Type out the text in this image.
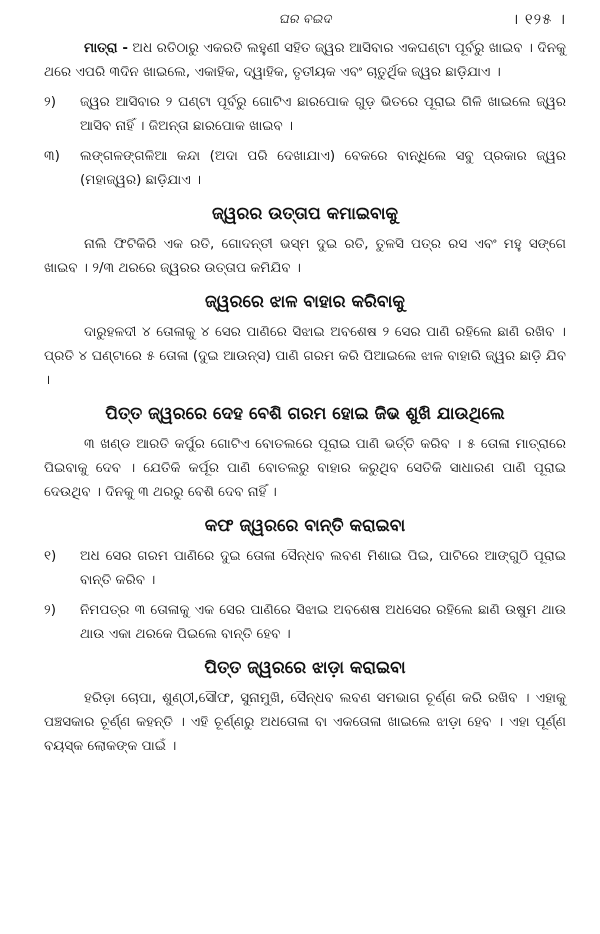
ଘର ବଇଦ	। ୧୨୫ ।

ମାତ୍ରା - ଅଧ ରତିଠାରୁ ଏକରତି ଲହୁଣୀ ସହିତ ଜ୍ୱର ଆସିବାର ଏକଘଣ୍ଟା ପୂର୍ବରୁ ଖାଇବ । ଦିନକୁ ଥରେ ଏପରି ୩ଦିନ ଖାଇଲେ, ଏକାହିକ, ଦ୍ୱାହିକ, ତୃତୀୟକ ଏବଂ ଚାତୁର୍ଥିକ ଜ୍ୱର ଛାଡ଼ିଯାଏ ।

୨)	ଜ୍ୱର ଆସିବାର ୨ ଘଣ୍ଟା ପୂର୍ବରୁ ଗୋଟିଏ ଛାରପୋକ ଗୁଡ଼ ଭିତରେ ପୂରାଇ ଗିଳି ଖାଇଲେ ଜ୍ୱର ଆସିବ ନାହିଁ । ଜିଅନ୍ତା ଛାରପୋକ ଖାଇବ ।
୩)	ଲଙ୍ଗଳଙ୍ଗଳିଆ କନ୍ଦା (ଅଦା ପରି ଦେଖାଯାଏ) ବେକରେ ବାନ୍ଧିଲେ ସବୁ ପ୍ରକାର ଜ୍ୱର (ମହାଜ୍ୱର) ଛାଡ଼ିଯାଏ ।
ଜ୍ୱରର ଉତ୍ତାପ କମାଇବାକୁ

ନାଲି ଫିଟିକିରି ଏକ ରତି, ଗୋଦନ୍ତୀ ଭସ୍ମ ଦୁଇ ରତି, ତୁଳସି ପତ୍ର ରସ ଏବଂ ମହୁ ସଙ୍ଗେ ଖାଇବ । ୨/୩ ଥରରେ ଜ୍ୱରର ଉତ୍ତାପ କମିଯିବ ।

ଜ୍ୱରରେ ଝାଳ ବାହାର କରିବାକୁ

ଦାରୁହଳଦୀ ୪ ତୋଳାକୁ ୪ ସେର ପାଣିରେ ସିଝାଇ ଅବଶେଷ ୨ ସେର ପାଣି ରହିଲେ ଛାଣି ରଖିବ । ପ୍ରତି ୪ ଘଣ୍ଟାରେ ୫ ତୋଳା (ଦୁଇ ଆଉନ୍ସ) ପାଣି ଗରମ କରି ପିଆଇଲେ ଝାଳ ବାହାରି ଜ୍ୱର ଛାଡ଼ି ଯିବ ।

ପିତ୍ତ ଜ୍ୱରରେ ଦେହ ବେଶି ଗରମ ହୋଇ ଜିଭ ଶୁଖି ଯାଉଥିଲେ

୩ ଖଣ୍ଡ ଆରତି କର୍ପୁର ଗୋଟିଏ ବୋତଲରେ ପୂରାଇ ପାଣି ଭର୍ତ୍ତି କରିବ । ୫ ତୋଳା ମାତ୍ରାରେ ପିଇବାକୁ ଦେବ । ଯେତିକି କର୍ପୂର ପାଣି ବୋତଲରୁ ବାହାର କରୁଥିବ ସେତିକି ସାଧାରଣ ପାଣି ପୂରାଇ ଦେଉଥିବ । ଦିନକୁ ୩ ଥରରୁ ବେଶି ଦେବ ନାହିଁ ।

କଫ ଜ୍ୱରରେ ବାନ୍ତି କରାଇବା
୧)	ଅଧ ସେର ଗରମ ପାଣିରେ ଦୁଇ ତୋଳା ସୈନ୍ଧବ ଲବଣ ମିଶାଇ ପିଇ, ପାଟିରେ ଆଙ୍ଗୁଠି ପୂରାଇ ବାନ୍ତି କରିବ ।
୨)	ନିମପତ୍ର ୩ ତୋଳାକୁ ଏକ ସେର ପାଣିରେ ସିଝାଇ ଅବଶେଷ ଅଧସେର ରହିଲେ ଛାଣି ଉଷୁମ ଥାଉ ଥାଉ ଏକା ଥରକେ ପିଇଲେ ବାନ୍ତି ହେବ ।
ପିତ୍ତ ଜ୍ୱରରେ ଝାଡ଼ା କରାଇବା

ହରିଡ଼ା ଚୋପା, ଶୁଣ୍ଠୀ,ସୌଫ, ସୁନାମୁଖି, ସୈନ୍ଧବ ଲବଣ ସମଭାଗ ଚୂର୍ଣ୍ଣ କରି ରଖିବ । ଏହାକୁ ପଞ୍ଚସକାର ଚୂର୍ଣ୍ଣ କହନ୍ତି । ଏହି ଚୂର୍ଣ୍ଣରୁ ଅଧତୋଳା ବା ଏକତୋଳା ଖାଇଲେ ଝାଡ଼ା ହେବ । ଏହା ପୂର୍ଣ୍ଣ ବୟସ୍କ ଲୋକଙ୍କ ପାଇଁ ।
